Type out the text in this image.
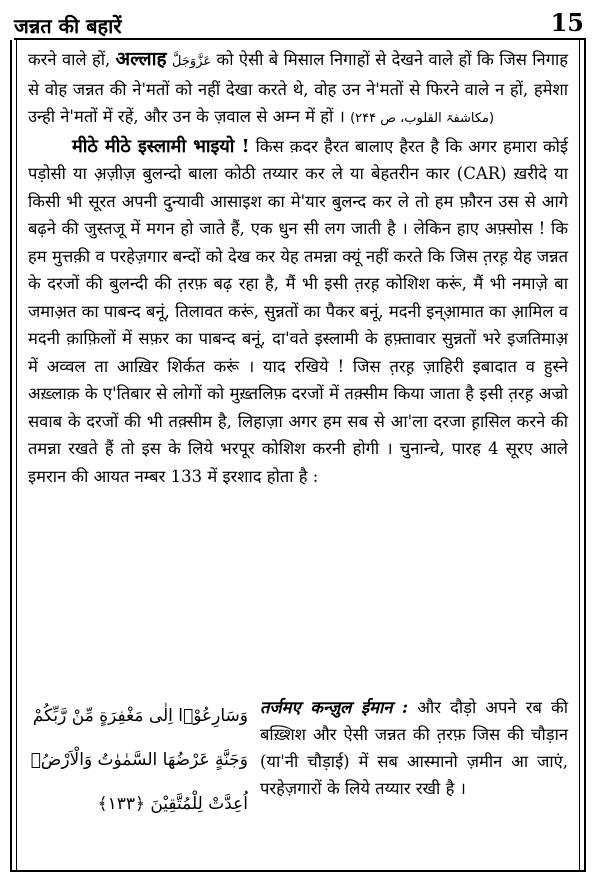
जन्नत की बहारें	15

करने वाले हों, अल्लाह عَزَّوَجَلَّ को ऐसी बे मिसाल निगाहों से देखने वाले हों कि जिस निगाह से वोह जन्नत की ने'मतों को नहीं देखा करते थे, वोह उन ने'मतों से फिरने वाले न हों, हमेशा उन्ही ने'मतों में रहें, और उन के ज़वाल से अम्न में हों । (مکاشفۃ القلوب، ص ۲۴۴)

मीठे मीठे इस्लामी भाइयो ! किस क़दर हैरत बालाए हैरत है कि अगर हमारा कोई पड़ोसी या अ़ज़ीज़ बुलन्दो बाला कोठी तय्यार कर ले या बेहतरीन कार (CAR) ख़रीदे या किसी भी सूरत अपनी दुन्यावी आसाइश का मे'यार बुलन्द कर ले तो हम फ़ौरन उस से आगे बढ़ने की जुस्तजू में मगन हो जाते हैं, एक धुन सी लग जाती है । लेकिन हाए अफ़्सोस ! कि हम मुत्तक़ी व परहेज़गार बन्दों को देख कर येह तमन्ना क्यूं नहीं करते कि जिस त़रह़ येह जन्नत के दरजों की बुलन्दी की त़रफ़ बढ़ रहा है, मैं भी इसी त़रह़ कोशिश करूं, मैं भी नमाज़े बा जमाअ़त का पाबन्द बनूं, तिलावत करूं, सुन्नतों का पैकर बनूं, मदनी इन्आ़मात का आ़मिल व मदनी क़ाफ़िलों में सफ़र का पाबन्द बनूं, दा'वते इस्लामी के हफ़्तावार सुन्नतों भरे इजतिमाअ़ में अव्वल ता आख़िर शिर्कत करूं । याद रखिये ! जिस त़रह़ ज़ाहिरी इबादात व हुस्ने अख़्लाक़ के ए'तिबार से लोगों को मुख़्तलिफ़ दरजों में तक़्सीम किया जाता है इसी त़रह़ अज्रो सवाब के दरजों की भी तक़्सीम है, लिहाज़ा अगर हम सब से आ'ला दरजा ह़ासिल करने की तमन्ना रखते हैं तो इस के लिये भरपूर कोशिश करनी होगी । चुनान्चे, पारह 4 सूरए आले इमरान की आयत नम्बर 133 में इरशाद होता है :

وَسَارِعُوْۤا اِلٰى مَغْفِرَةٍ مِّنْ رَّبِّكُمْ
وَجَنَّةٍ عَرْضُهَا السَّمٰوٰتُ وَالْاَرْضُۙ
اُعِدَّتْ لِلْمُتَّقِیْنَ ﴿۱۳۳﴾
तर्जमए कन्ज़ुल ईमान : और दौड़ो अपने रब की बख़्शिश और ऐसी जन्नत की त़रफ़ जिस की चौड़ान (या'नी चौड़ाई) में सब आस्मानो ज़मीन आ जाएं, परहेज़गारों के लिये तय्यार रखी है ।
